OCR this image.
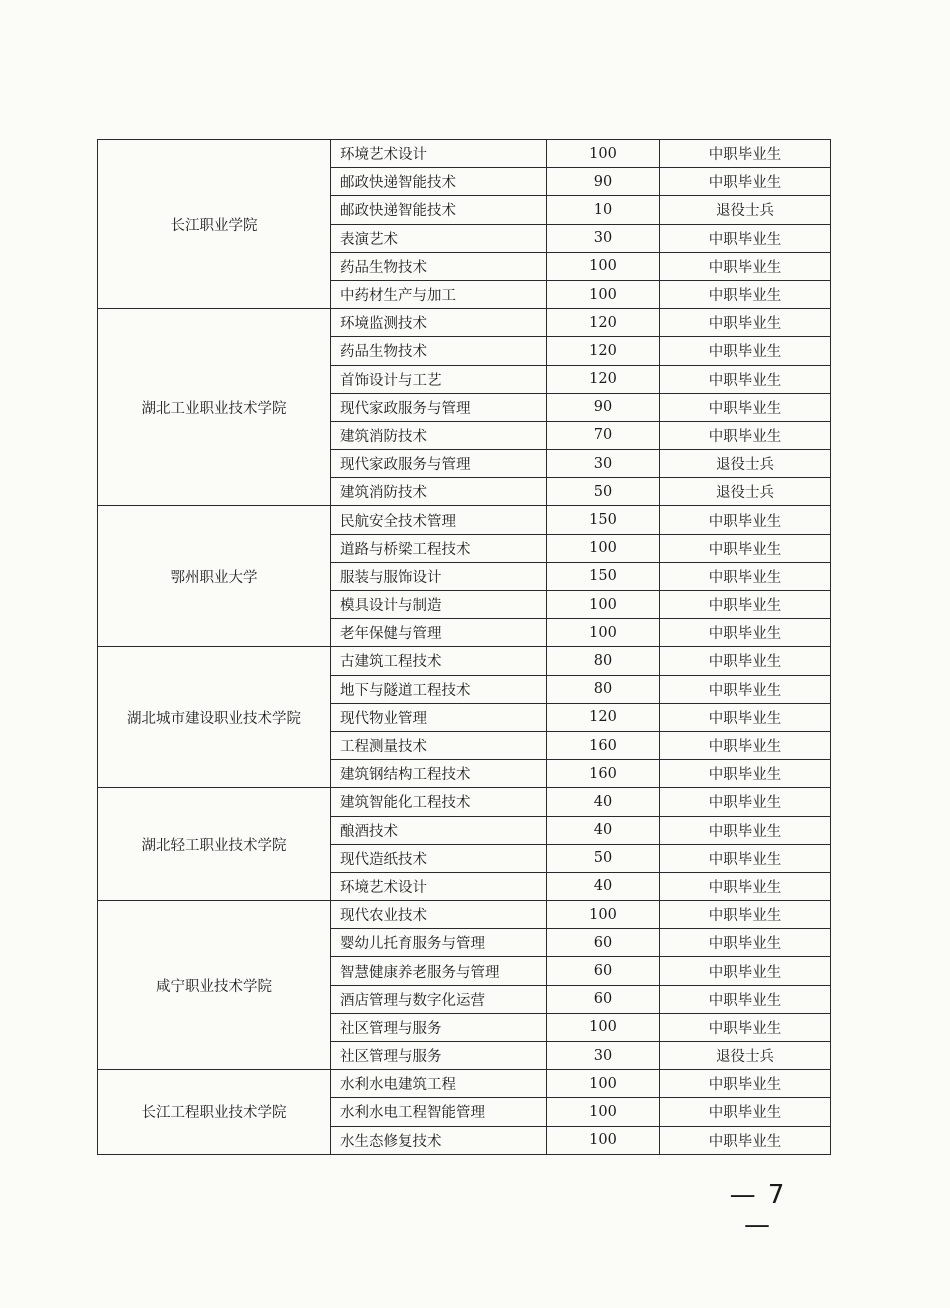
长江职业学院	环境艺术设计	100	中职毕业生
	邮政快递智能技术	90	中职毕业生
	邮政快递智能技术	10	退役士兵
	表演艺术	30	中职毕业生
	药品生物技术	100	中职毕业生
	中药材生产与加工	100	中职毕业生
湖北工业职业技术学院	环境监测技术	120	中职毕业生
	药品生物技术	120	中职毕业生
	首饰设计与工艺	120	中职毕业生
	现代家政服务与管理	90	中职毕业生
	建筑消防技术	70	中职毕业生
	现代家政服务与管理	30	退役士兵
	建筑消防技术	50	退役士兵
鄂州职业大学	民航安全技术管理	150	中职毕业生
	道路与桥梁工程技术	100	中职毕业生
	服装与服饰设计	150	中职毕业生
	模具设计与制造	100	中职毕业生
	老年保健与管理	100	中职毕业生
湖北城市建设职业技术学院	古建筑工程技术	80	中职毕业生
	地下与隧道工程技术	80	中职毕业生
	现代物业管理	120	中职毕业生
	工程测量技术	160	中职毕业生
	建筑钢结构工程技术	160	中职毕业生
湖北轻工职业技术学院	建筑智能化工程技术	40	中职毕业生
	酿酒技术	40	中职毕业生
	现代造纸技术	50	中职毕业生
	环境艺术设计	40	中职毕业生
咸宁职业技术学院	现代农业技术	100	中职毕业生
	婴幼儿托育服务与管理	60	中职毕业生
	智慧健康养老服务与管理	60	中职毕业生
	酒店管理与数字化运营	60	中职毕业生
	社区管理与服务	100	中职毕业生
	社区管理与服务	30	退役士兵
长江工程职业技术学院	水利水电建筑工程	100	中职毕业生
	水利水电工程智能管理	100	中职毕业生
	水生态修复技术	100	中职毕业生
— 7 —
